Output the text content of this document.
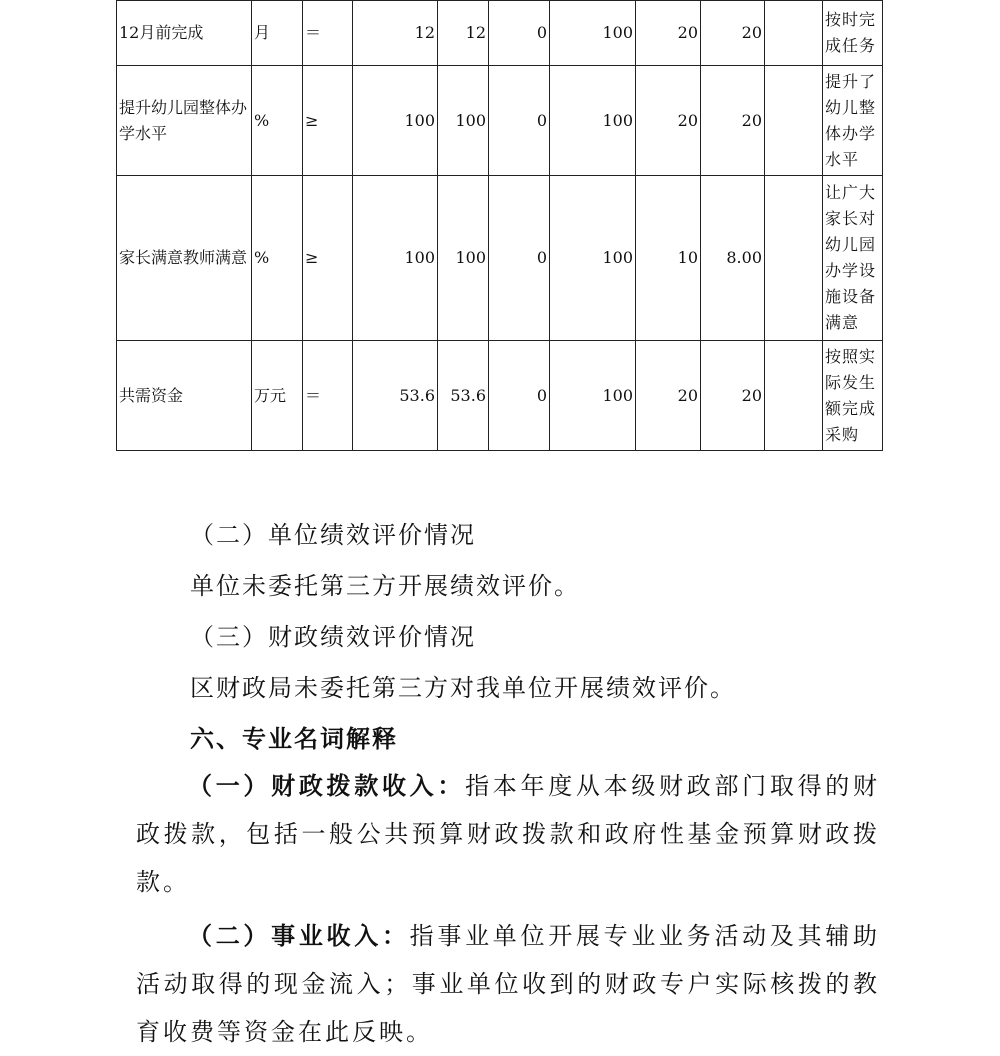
12月前完成	月	＝	12	12	0	100	20	20		按时完成任务
提升幼儿园整体办学水平	%	≥	100	100	0	100	20	20		提升了幼儿整体办学水平
家长满意教师满意	%	≥	100	100	0	100	10	8.00		让广大家长对幼儿园办学设施设备满意
共需资金	万元	＝	53.6	53.6	0	100	20	20		按照实际发生额完成采购
（二）单位绩效评价情况
单位未委托第三方开展绩效评价。
（三）财政绩效评价情况
区财政局未委托第三方对我单位开展绩效评价。
六、专业名词解释
（一）财政拨款收入：指本年度从本级财政部门取得的财政拨款，包括一般公共预算财政拨款和政府性基金预算财政拨款。
（二）事业收入：指事业单位开展专业业务活动及其辅助活动取得的现金流入；事业单位收到的财政专户实际核拨的教育收费等资金在此反映。
